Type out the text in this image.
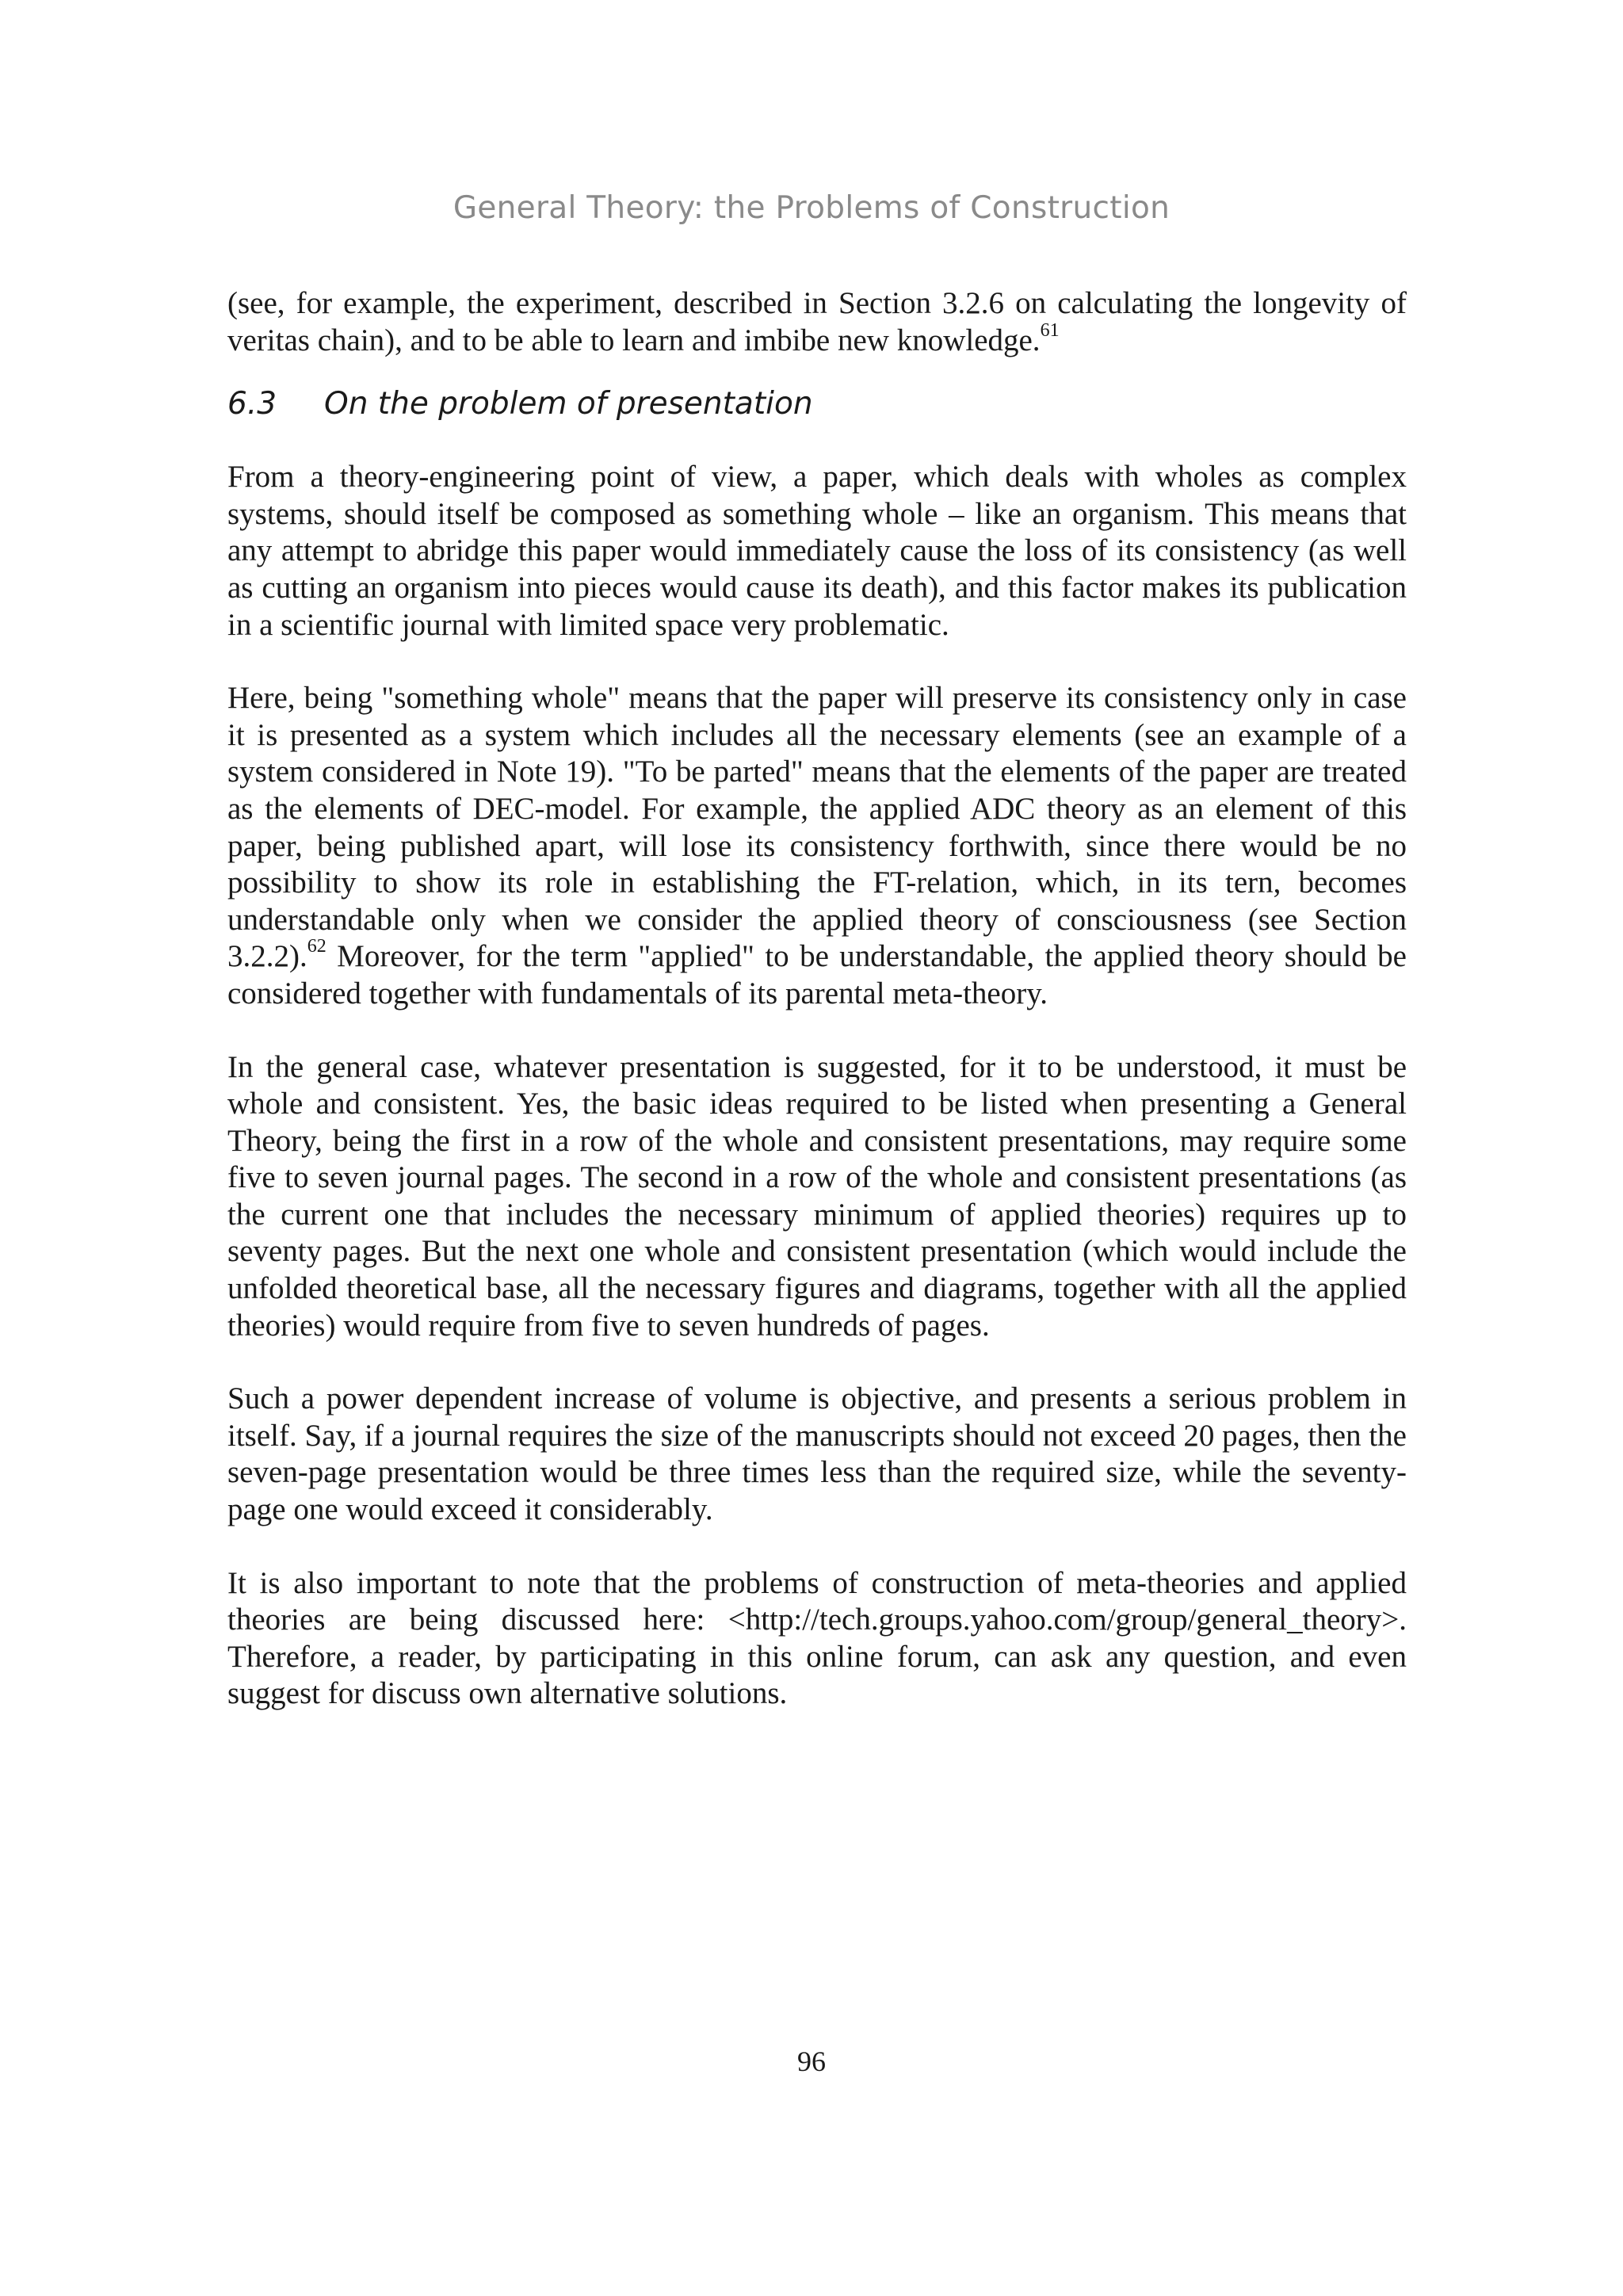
General Theory: the Problems of Construction

(see, for example, the experiment, described in Section 3.2.6 on calculating the longevity of veritas chain), and to be able to learn and imbibe new knowledge.$^{61}$

6.3	On the problem of presentation

From a theory-engineering point of view, a paper, which deals with wholes as complex systems, should itself be composed as something whole – like an organism. This means that any attempt to abridge this paper would immediately cause the loss of its consistency (as well as cutting an organism into pieces would cause its death), and this factor makes its publication in a scientific journal with limited space very problematic.

Here, being "something whole" means that the paper will preserve its consistency only in case it is presented as a system which includes all the necessary elements (see an example of a system considered in Note 19). "To be parted" means that the elements of the paper are treated as the elements of DEC-model. For example, the applied ADC theory as an element of this paper, being published apart, will lose its consistency forthwith, since there would be no possibility to show its role in establishing the FT-relation, which, in its tern, becomes understandable only when we consider the applied theory of consciousness (see Section 3.2.2).$^{62}$ Moreover, for the term "applied" to be understandable, the applied theory should be considered together with fundamentals of its parental meta-theory.

In the general case, whatever presentation is suggested, for it to be understood, it must be whole and consistent. Yes, the basic ideas required to be listed when presenting a General Theory, being the first in a row of the whole and consistent presentations, may require some five to seven journal pages. The second in a row of the whole and consistent presentations (as the current one that includes the necessary minimum of applied theories) requires up to seventy pages. But the next one whole and consistent presentation (which would include the unfolded theoretical base, all the necessary figures and diagrams, together with all the applied theories) would require from five to seven hundreds of pages.

Such a power dependent increase of volume is objective, and presents a serious problem in itself. Say, if a journal requires the size of the manuscripts should not exceed 20 pages, then the seven-page presentation would be three times less than the required size, while the seventy-page one would exceed it considerably.

It is also important to note that the problems of construction of meta-theories and applied theories are being discussed here: <http://tech.groups.yahoo.com/group/general_theory>. Therefore, a reader, by participating in this online forum, can ask any question, and even suggest for discuss own alternative solutions.

96
